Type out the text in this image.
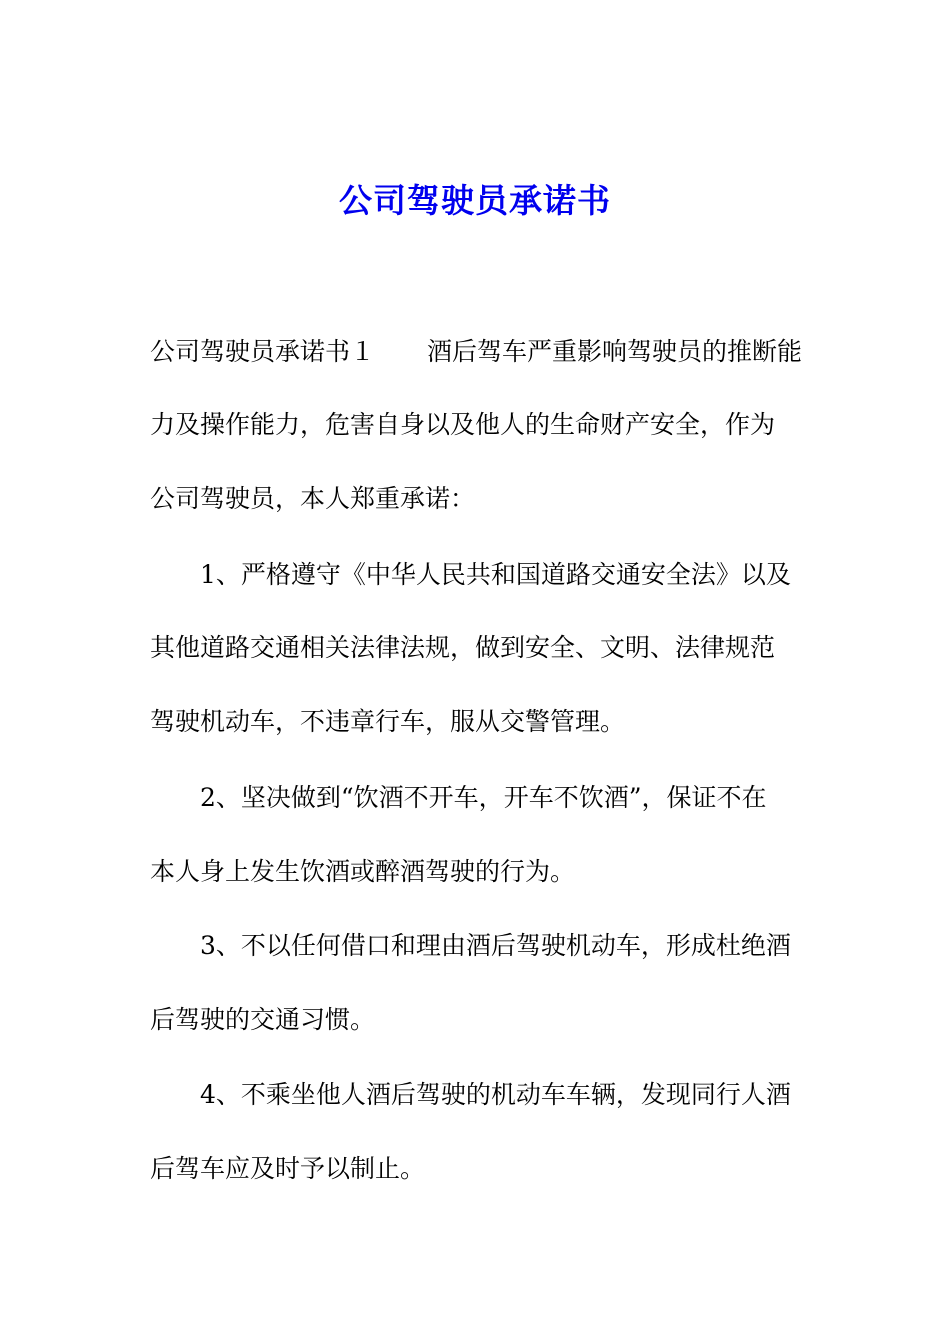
公司驾驶员承诺书
公司驾驶员承诺书１ 酒后驾车严重影响驾驶员的推断能
力及操作能力，危害自身以及他人的生命财产安全，作为
公司驾驶员，本人郑重承诺：
1、严格遵守《中华人民共和国道路交通安全法》以及
其他道路交通相关法律法规，做到安全、文明、法律规范
驾驶机动车，不违章行车，服从交警管理。
2、坚决做到“饮酒不开车，开车不饮酒”，保证不在
本人身上发生饮酒或醉酒驾驶的行为。
3、不以任何借口和理由酒后驾驶机动车，形成杜绝酒
后驾驶的交通习惯。
4、不乘坐他人酒后驾驶的机动车车辆，发现同行人酒
后驾车应及时予以制止。
